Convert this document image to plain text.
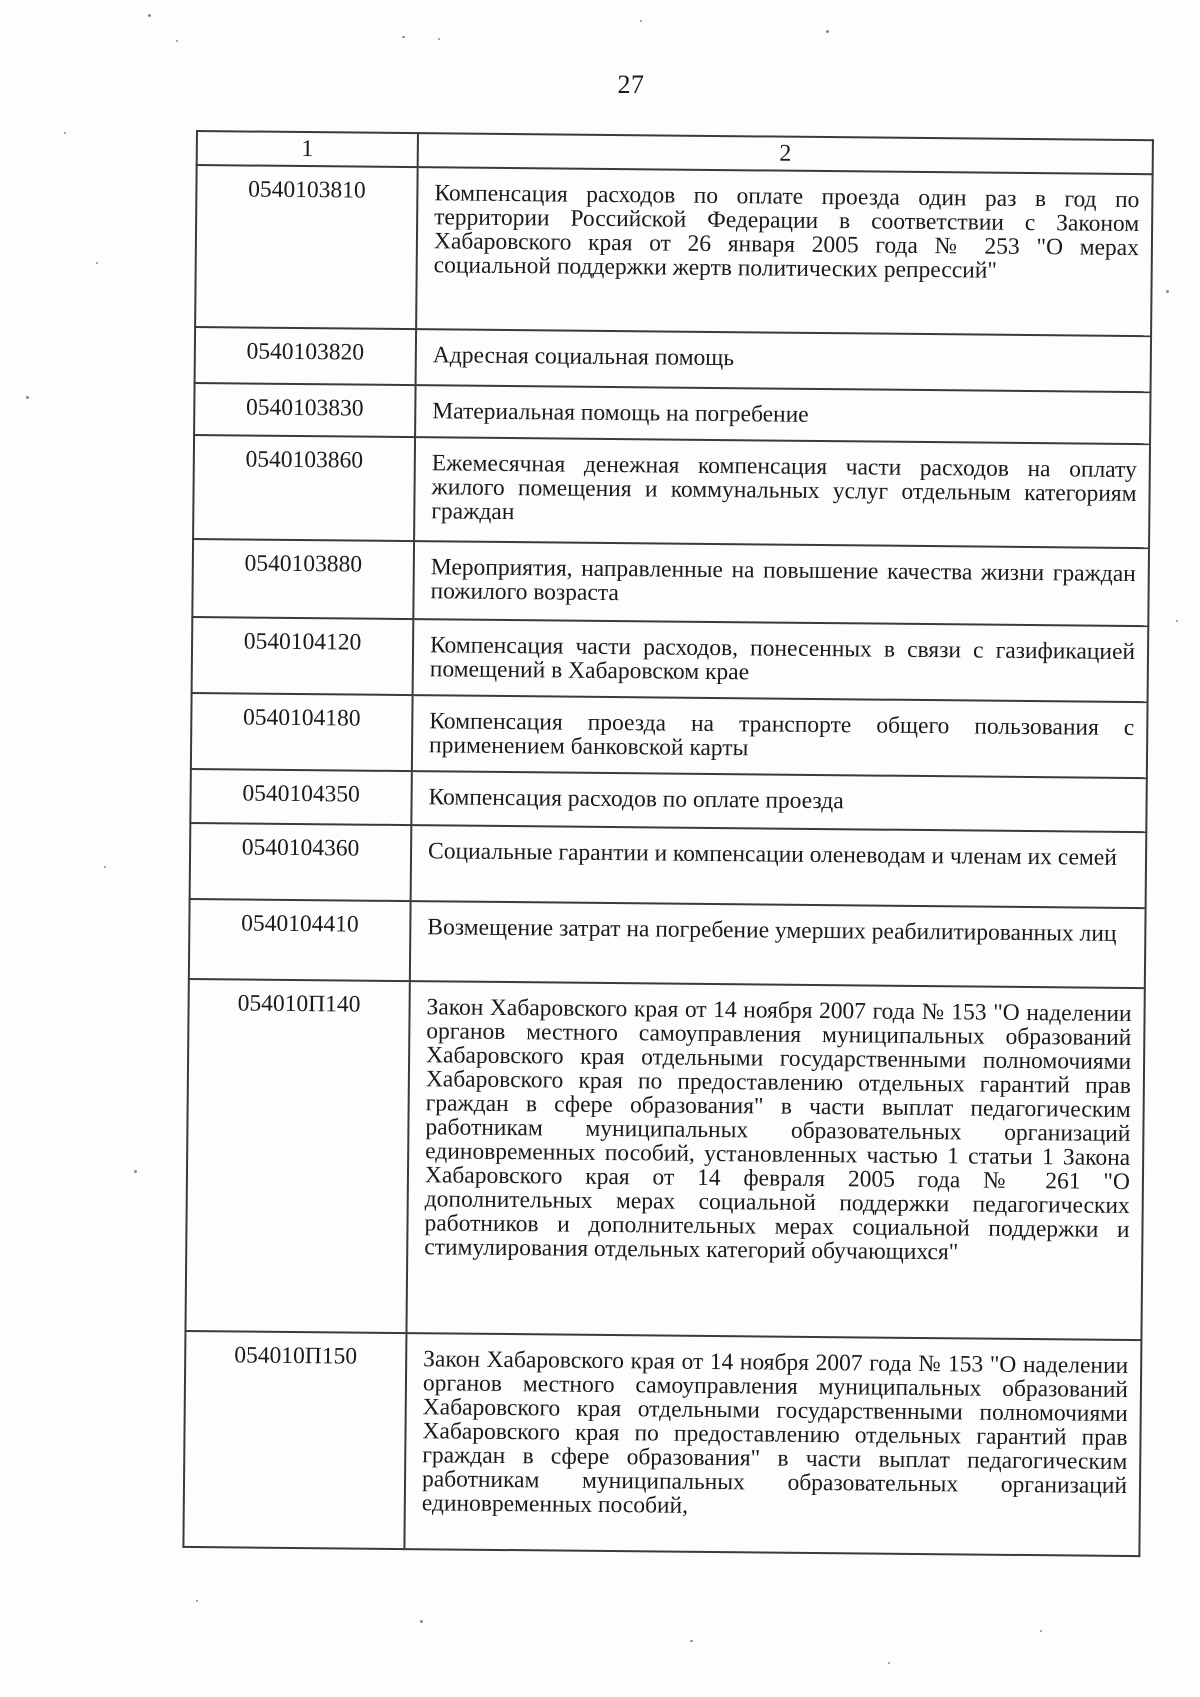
27
1	2
0540103810	Компенсация расходов по оплате проезда один раз в год по территории Российской Федерации в соответствии с Законом Хабаровского края от 26 января 2005 года № 253 "О мерах социальной поддержки жертв политических репрессий"
0540103820	Адресная социальная помощь
0540103830	Материальная помощь на погребение
0540103860	Ежемесячная денежная компенсация части расходов на оплату жилого помещения и коммунальных услуг отдельным категориям граждан
0540103880	Мероприятия, направленные на повышение качества жизни граждан пожилого возраста
0540104120	Компенсация части расходов, понесенных в связи с газификацией помещений в Хабаровском крае
0540104180	Компенсация проезда на транспорте общего пользования с применением банковской карты
0540104350	Компенсация расходов по оплате проезда
0540104360	Социальные гарантии и компенсации оленеводам и членам их семей
0540104410	Возмещение затрат на погребение умерших реабилитированных лиц
054010П140	Закон Хабаровского края от 14 ноября 2007 года № 153 "О наделении органов местного самоуправления муниципальных образований Хабаровского края отдельными государственными полномочиями Хабаровского края по предоставлению отдельных гарантий прав граждан в сфере образования" в части выплат педагогическим работникам муниципальных образовательных организаций единовременных пособий, установленных частью 1 статьи 1 Закона Хабаровского края от 14 февраля 2005 года № 261 "О дополнительных мерах социальной поддержки педагогических работников и дополнительных мерах социальной поддержки и стимулирования отдельных категорий обучающихся"
054010П150	Закон Хабаровского края от 14 ноября 2007 года № 153 "О наделении органов местного самоуправления муниципальных образований Хабаровского края отдельными государственными полномочиями Хабаровского края по предоставлению отдельных гарантий прав граждан в сфере образования" в части выплат педагогическим работникам муниципальных образовательных организаций единовременных пособий,
